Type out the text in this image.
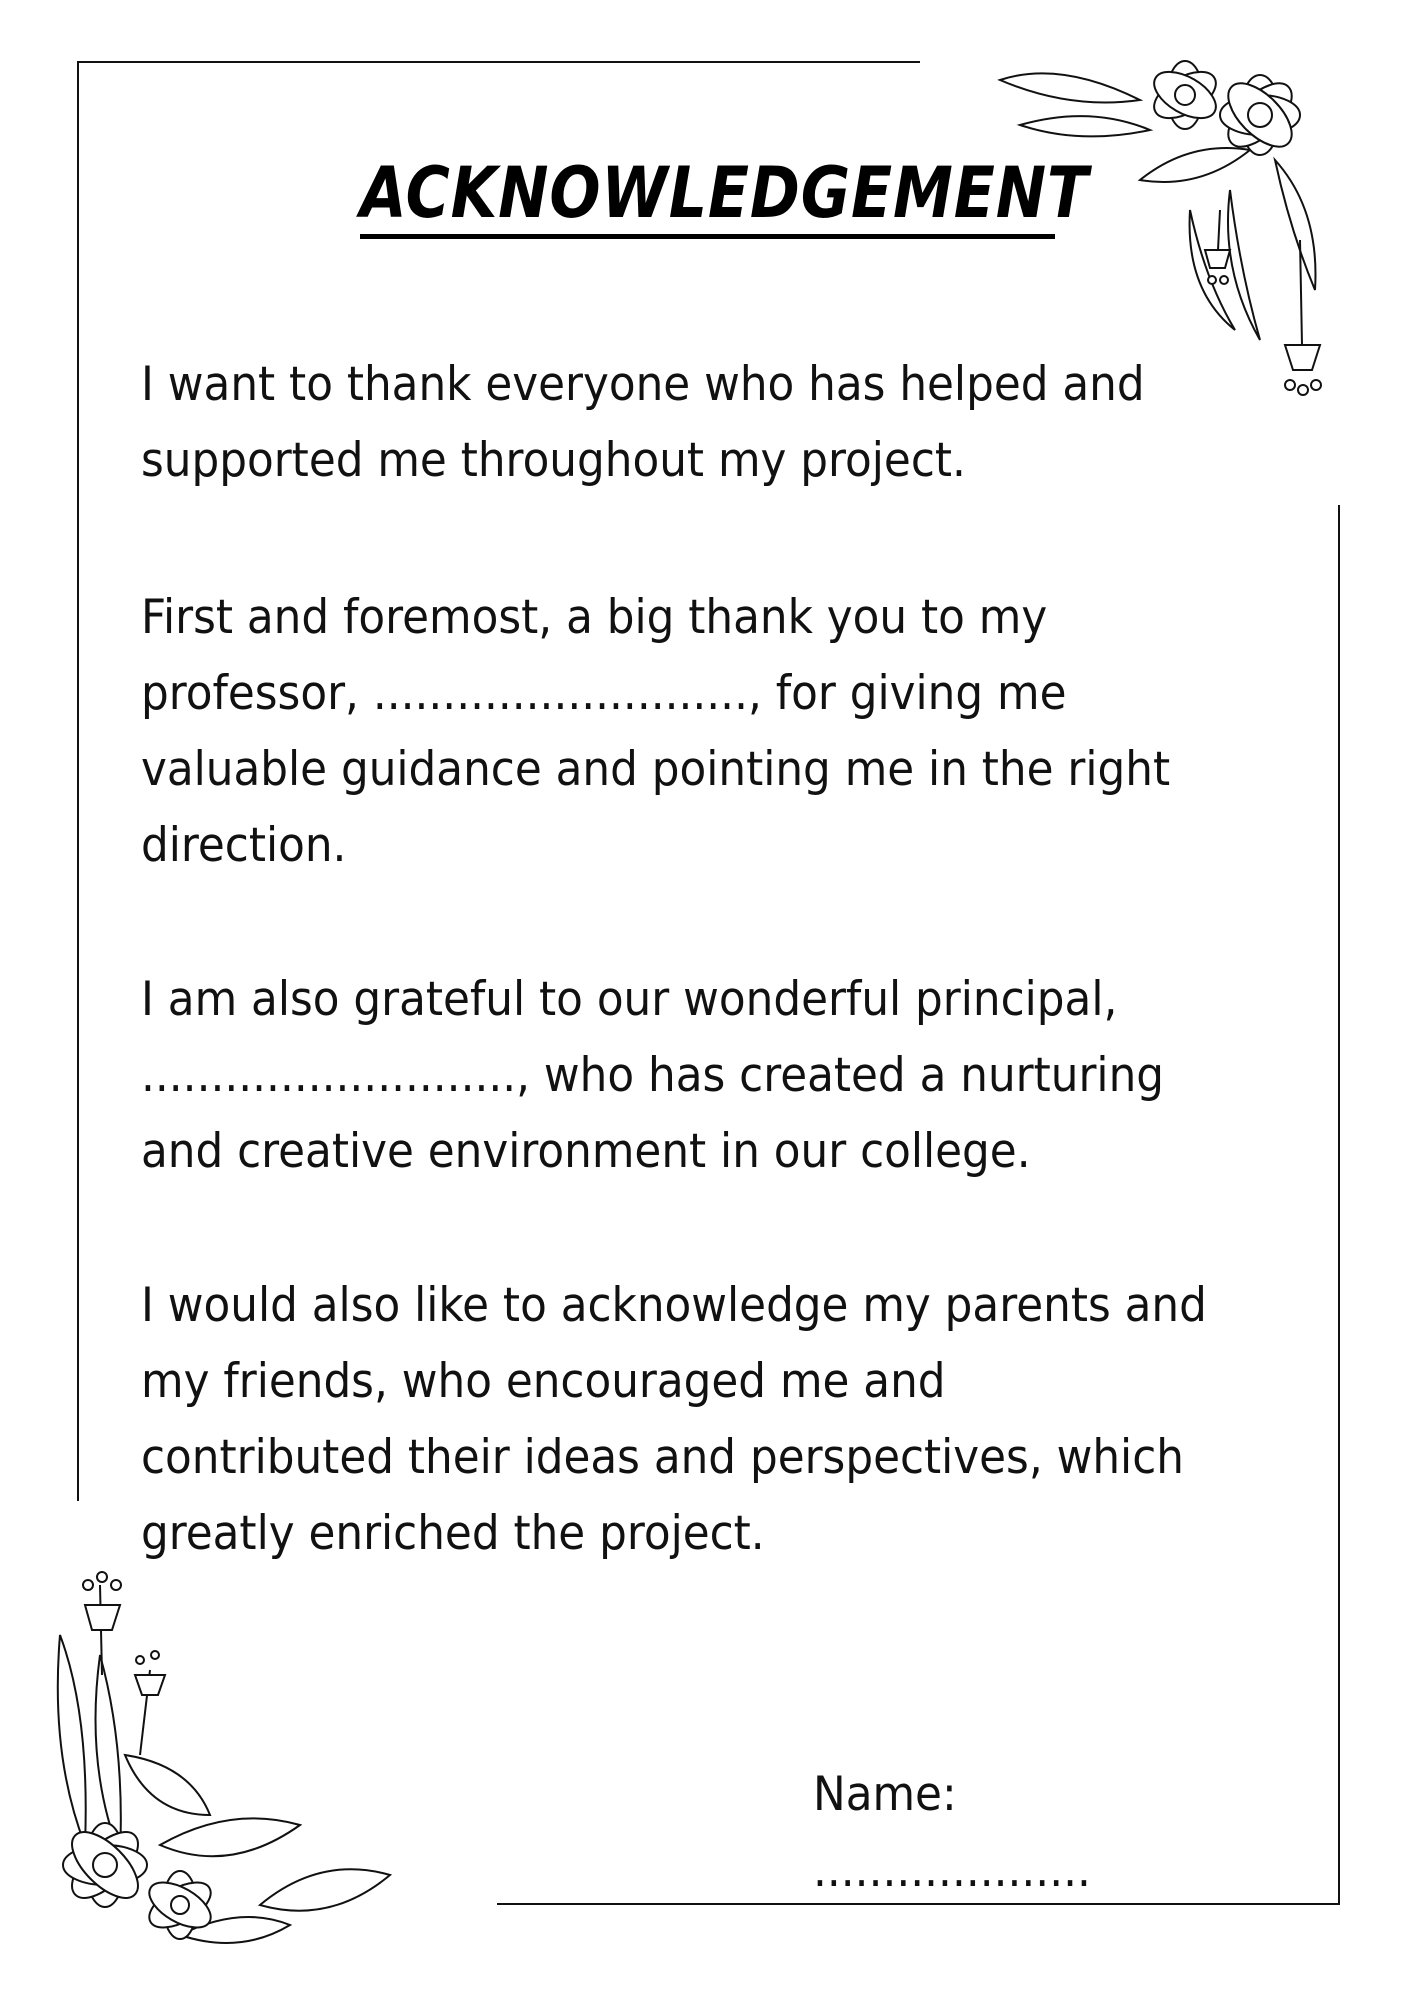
ACKNOWLEDGEMENT

I want to thank everyone who has helped and supported me throughout my project.

First and foremost, a big thank you to my professor, ..........................., for giving me valuable guidance and pointing me in the right direction.

I am also grateful to our wonderful principal, ..........................., who has created a nurturing and creative environment in our college.

I would also like to acknowledge my parents and my friends, who encouraged me and contributed their ideas and perspectives, which greatly enriched the project.

Name: ....................
